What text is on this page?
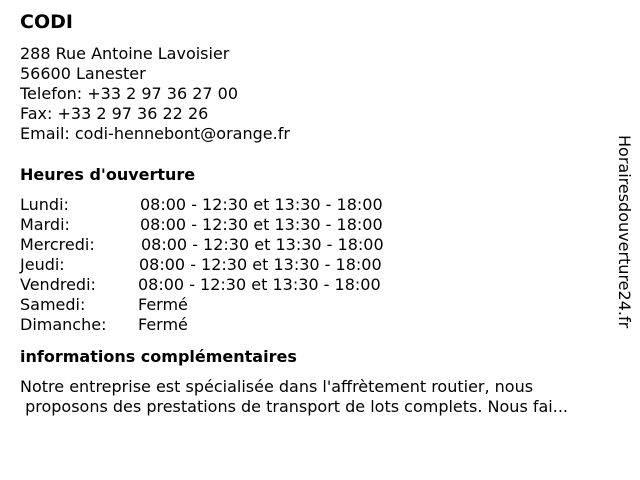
CODI
288 Rue Antoine Lavoisier
56600 Lanester
Telefon: +33 2 97 36 27 00
Fax: +33 2 97 36 22 26
Email: codi-hennebont@orange.fr
Heures d'ouverture
Lundi:	08:00 - 12:30 et 13:30 - 18:00
Mardi:	08:00 - 12:30 et 13:30 - 18:00
Mercredi:	08:00 - 12:30 et 13:30 - 18:00
Jeudi:	08:00 - 12:30 et 13:30 - 18:00
Vendredi:	08:00 - 12:30 et 13:30 - 18:00
Samedi:	Fermé
Dimanche:	Fermé
informations complémentaires
Notre entreprise est spécialisée dans l'affrètement routier, nous
proposons des prestations de transport de lots complets. Nous fai...
Horairesdouverture24.fr
